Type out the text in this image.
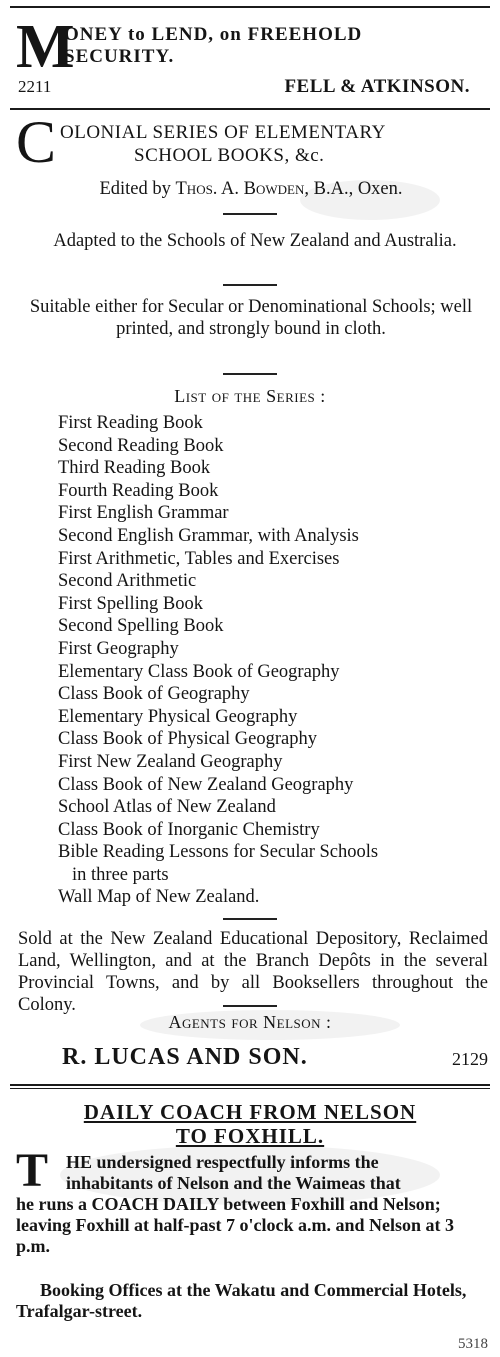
M
ONEY to LEND, on FREEHOLD
SECURITY.
2211	FELL & ATKINSON.
C OLONIAL SERIES OF ELEMENTARY
SCHOOL BOOKS, &c.
Edited by Thos. A. Bowden, B.A., Oxen.
Adapted to the Schools of New Zealand and Australia.
Suitable either for Secular or Denominational Schools; well printed, and strongly bound in cloth.
List of the Series :
First Reading Book
Second Reading Book
Third Reading Book
Fourth Reading Book
First English Grammar
Second English Grammar, with Analysis
First Arithmetic, Tables and Exercises
Second Arithmetic
First Spelling Book
Second Spelling Book
First Geography
Elementary Class Book of Geography
Class Book of Geography
Elementary Physical Geography
Class Book of Physical Geography
First New Zealand Geography
Class Book of New Zealand Geography
School Atlas of New Zealand
Class Book of Inorganic Chemistry
Bible Reading Lessons for Secular Schools
in three parts
Wall Map of New Zealand.
Sold at the New Zealand Educational Depository, Reclaimed Land, Wellington, and at the Branch Depôts in the several Provincial Towns, and by all Booksellers throughout the Colony.
Agents for Nelson :
R. LUCAS AND SON.	2129
DAILY COACH FROM NELSON
TO FOXHILL.
T HE undersigned respectfully informs the
inhabitants of Nelson and the Waimeas that
he runs a COACH DAILY between Foxhill and Nelson; leaving Foxhill at half-past 7 o'clock a.m. and Nelson at 3 p.m.
Booking Offices at the Wakatu and Commercial Hotels, Trafalgar-street.
5318
